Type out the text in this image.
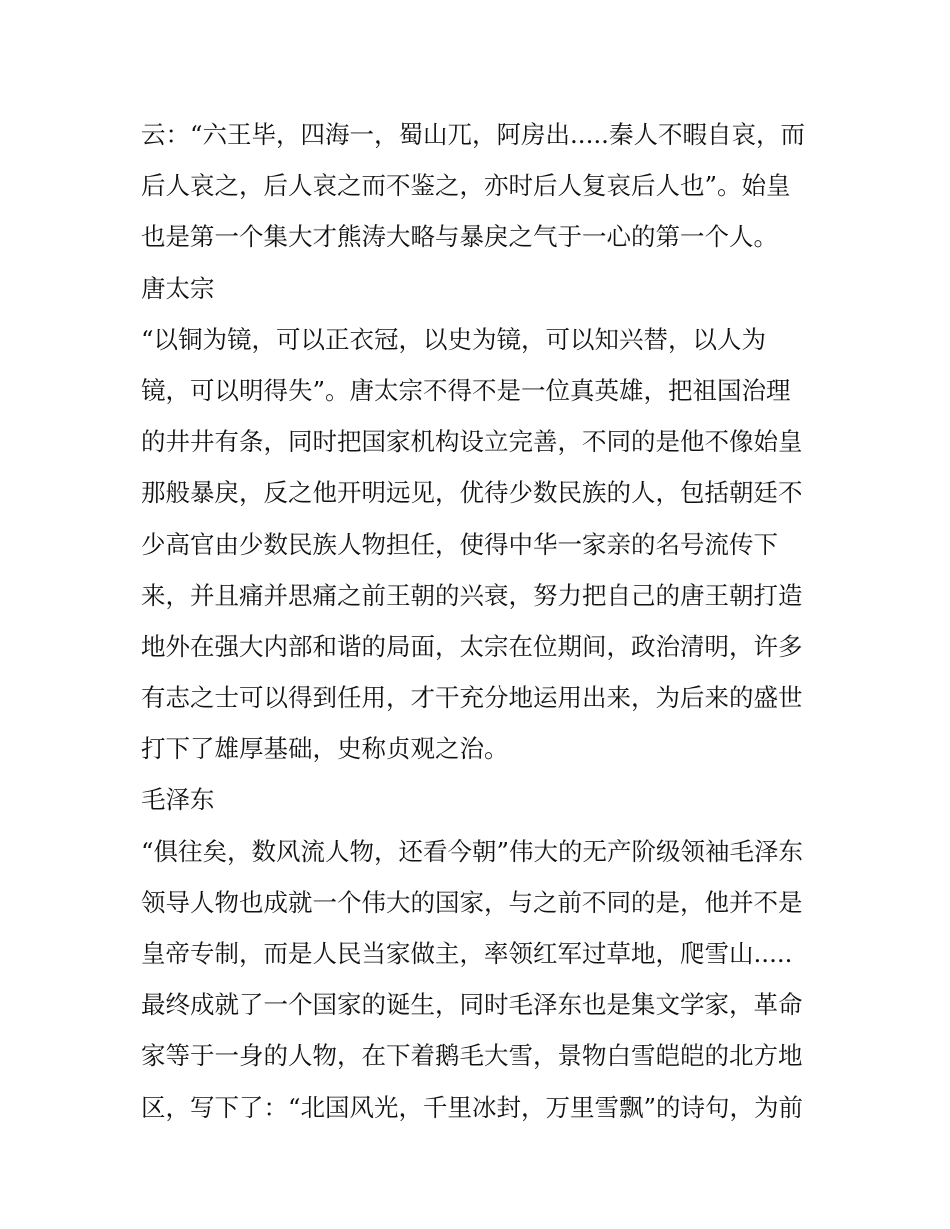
云：“六王毕，四海一，蜀山兀，阿房出.....秦人不暇自哀，而
后人哀之，后人哀之而不鉴之，亦时后人复哀后人也”。始皇
也是第一个集大才熊涛大略与暴戾之气于一心的第一个人。
唐太宗
“以铜为镜，可以正衣冠，以史为镜，可以知兴替，以人为
镜，可以明得失”。唐太宗不得不是一位真英雄，把祖国治理
的井井有条，同时把国家机构设立完善，不同的是他不像始皇
那般暴戾，反之他开明远见，优待少数民族的人，包括朝廷不
少高官由少数民族人物担任，使得中华一家亲的名号流传下
来，并且痛并思痛之前王朝的兴衰，努力把自己的唐王朝打造
地外在强大内部和谐的局面，太宗在位期间，政治清明，许多
有志之士可以得到任用，才干充分地运用出来，为后来的盛世
打下了雄厚基础，史称贞观之治。
毛泽东
“俱往矣，数风流人物，还看今朝”伟大的无产阶级领袖毛泽东
领导人物也成就一个伟大的国家，与之前不同的是，他并不是
皇帝专制，而是人民当家做主，率领红军过草地，爬雪山.....
最终成就了一个国家的诞生，同时毛泽东也是集文学家，革命
家等于一身的人物，在下着鹅毛大雪，景物白雪皑皑的北方地
区，写下了：“北国风光，千里冰封，万里雪飘”的诗句，为前
